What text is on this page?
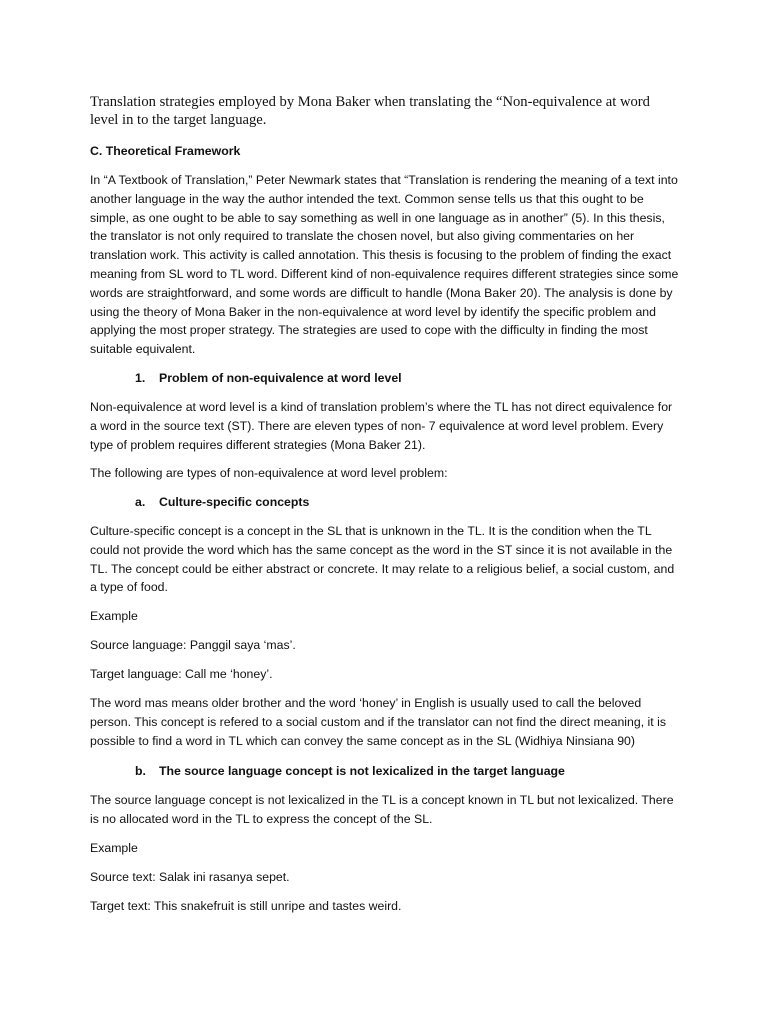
Translation strategies employed by Mona Baker when translating the “Non-equivalence at word level in to the target language.

C. Theoretical Framework

In “A Textbook of Translation,” Peter Newmark states that “Translation is rendering the meaning of a text into another language in the way the author intended the text. Common sense tells us that this ought to be simple, as one ought to be able to say something as well in one language as in another” (5). In this thesis, the translator is not only required to translate the chosen novel, but also giving commentaries on her translation work. This activity is called annotation. This thesis is focusing to the problem of finding the exact meaning from SL word to TL word. Different kind of non-equivalence requires different strategies since some words are straightforward, and some words are difficult to handle (Mona Baker 20). The analysis is done by using the theory of Mona Baker in the non-equivalence at word level by identify the specific problem and applying the most proper strategy. The strategies are used to cope with the difficulty in finding the most suitable equivalent.

1. Problem of non-equivalence at word level

Non-equivalence at word level is a kind of translation problem’s where the TL has not direct equivalence for a word in the source text (ST). There are eleven types of non- 7 equivalence at word level problem. Every type of problem requires different strategies (Mona Baker 21).

The following are types of non-equivalence at word level problem:

a. Culture-specific concepts

Culture-specific concept is a concept in the SL that is unknown in the TL. It is the condition when the TL could not provide the word which has the same concept as the word in the ST since it is not available in the TL. The concept could be either abstract or concrete. It may relate to a religious belief, a social custom, and a type of food.

Example

Source language: Panggil saya ‘mas’.

Target language: Call me ‘honey’.

The word mas means older brother and the word ‘honey’ in English is usually used to call the beloved person. This concept is refered to a social custom and if the translator can not find the direct meaning, it is possible to find a word in TL which can convey the same concept as in the SL (Widhiya Ninsiana 90)

b. The source language concept is not lexicalized in the target language

The source language concept is not lexicalized in the TL is a concept known in TL but not lexicalized. There is no allocated word in the TL to express the concept of the SL.

Example

Source text: Salak ini rasanya sepet.

Target text: This snakefruit is still unripe and tastes weird.
